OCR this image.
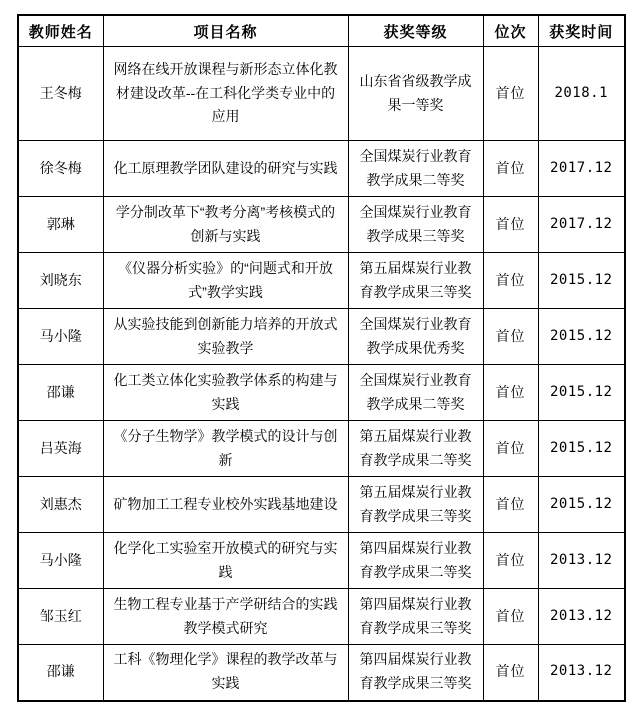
教师姓名	项目名称	获奖等级	位次	获奖时间
王冬梅	网络在线开放课程与新形态立体化教材建设改革--在工科化学类专业中的应用	山东省省级教学成果一等奖	首位	2018.1
徐冬梅	化工原理教学团队建设的研究与实践	全国煤炭行业教育教学成果二等奖	首位	2017.12
郭琳	学分制改革下“教考分离”考核模式的创新与实践	全国煤炭行业教育教学成果三等奖	首位	2017.12
刘晓东	《仪器分析实验》的“问题式和开放式”教学实践	第五届煤炭行业教育教学成果三等奖	首位	2015.12
马小隆	从实验技能到创新能力培养的开放式实验教学	全国煤炭行业教育教学成果优秀奖	首位	2015.12
邵谦	化工类立体化实验教学体系的构建与实践	全国煤炭行业教育教学成果二等奖	首位	2015.12
吕英海	《分子生物学》教学模式的设计与创新	第五届煤炭行业教育教学成果二等奖	首位	2015.12
刘惠杰	矿物加工工程专业校外实践基地建设	第五届煤炭行业教育教学成果三等奖	首位	2015.12
马小隆	化学化工实验室开放模式的研究与实践	第四届煤炭行业教育教学成果二等奖	首位	2013.12
邹玉红	生物工程专业基于产学研结合的实践教学模式研究	第四届煤炭行业教育教学成果三等奖	首位	2013.12
邵谦	工科《物理化学》课程的教学改革与实践	第四届煤炭行业教育教学成果三等奖	首位	2013.12
